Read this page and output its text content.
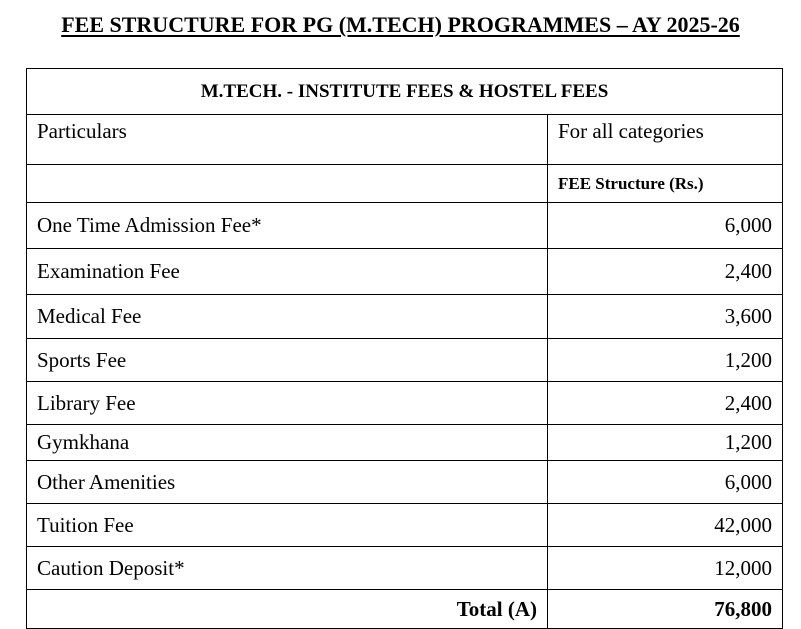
FEE STRUCTURE FOR PG (M.TECH) PROGRAMMES – AY 2025-26
M.TECH. - INSTITUTE FEES & HOSTEL FEES	
Particulars	For all categories
	FEE Structure (Rs.)
One Time Admission Fee*	6,000
Examination Fee	2,400
Medical Fee	3,600
Sports Fee	1,200
Library Fee	2,400
Gymkhana	1,200
Other Amenities	6,000
Tuition Fee	42,000
Caution Deposit*	12,000
Total (A)	76,800
